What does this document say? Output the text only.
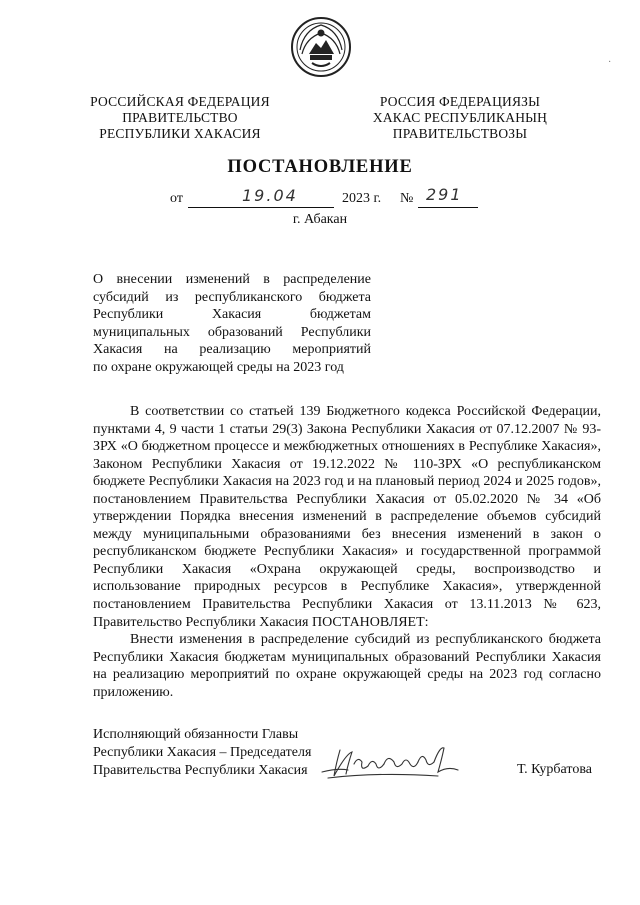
·
РОССИЙСКАЯ ФЕДЕРАЦИЯ
ПРАВИТЕЛЬСТВО
РЕСПУБЛИКИ ХАКАСИЯ
РОССИЯ ФЕДЕРАЦИЯЗЫ
ХАКАС РЕСПУБЛИКАНЫҢ
ПРАВИТЕЛЬСТВОЗЫ
ПОСТАНОВЛЕНИЕ
от	19.04	2023 г. № 291
г. Абакан
О внесении изменений в распределение
субсидий из республиканского бюджета
Республики Хакасия бюджетам
муниципальных образований Республики
Хакасия на реализацию мероприятий
по охране окружающей среды на 2023 год

В соответствии со статьей 139 Бюджетного кодекса Российской Федерации, пунктами 4, 9 части 1 статьи 29(3) Закона Республики Хакасия от 07.12.2007 № 93-ЗРХ «О бюджетном процессе и межбюджетных отношениях в Республике Хакасия», Законом Республики Хакасия от 19.12.2022 № 110-ЗРХ «О республиканском бюджете Республики Хакасия на 2023 год и на плановый период 2024 и 2025 годов», постановлением Правительства Республики Хакасия от 05.02.2020 № 34 «Об утверждении Порядка внесения изменений в распределение объемов субсидий между муниципальными образованиями без внесения изменений в закон о республиканском бюджете Республики Хакасия» и государственной программой Республики Хакасия «Охрана окружающей среды, воспроизводство и использование природных ресурсов в Республике Хакасия», утвержденной постановлением Правительства Республики Хакасия от 13.11.2013 № 623, Правительство Республики Хакасия ПОСТАНОВЛЯЕТ:

Внести изменения в распределение субсидий из республиканского бюджета Республики Хакасия бюджетам муниципальных образований Республики Хакасия на реализацию мероприятий по охране окружающей среды на 2023 год согласно приложению.

Исполняющий обязанности Главы
Республики Хакасия – Председателя
Правительства Республики Хакасия	Т. Курбатова
